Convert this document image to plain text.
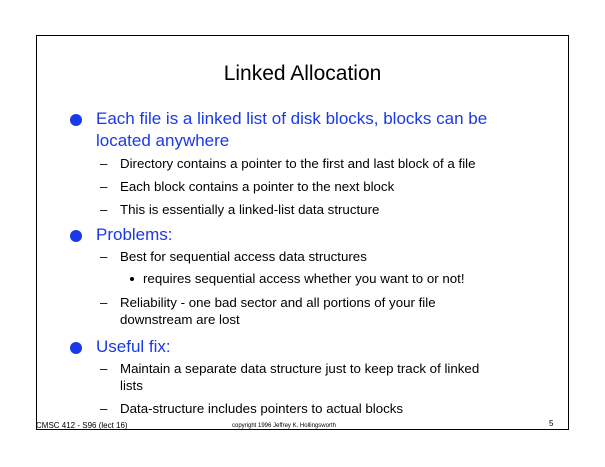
Linked Allocation
Each file is a linked list of disk blocks, blocks can be located anywhere
– Directory contains a pointer to the first and last block of a file
– Each block contains a pointer to the next block
– This is essentially a linked-list data structure
Problems:
– Best for sequential access data structures
requires sequential access whether you want to or not!
– Reliability - one bad sector and all portions of your file downstream are lost
Useful fix:
– Maintain a separate data structure just to keep track of linked lists
– Data-structure includes pointers to actual blocks
CMSC 412 - S96 (lect 16)	copyright 1996 Jeffrey K. Hollingsworth	5
